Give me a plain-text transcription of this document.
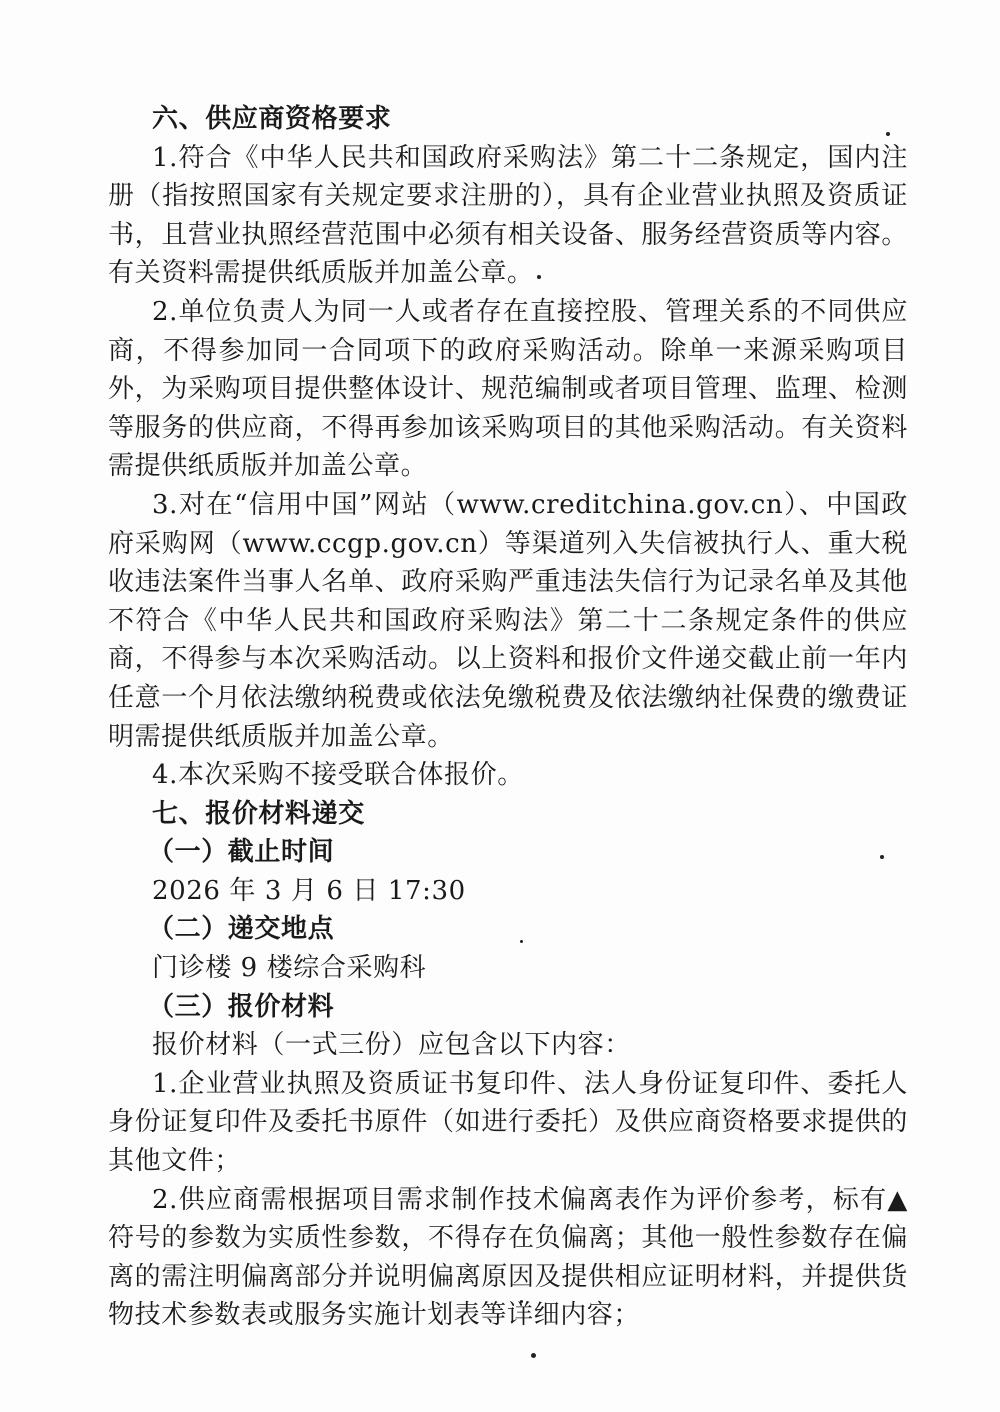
六、供应商资格要求

1.符合《中华人民共和国政府采购法》第二十二条规定，国内注册（指按照国家有关规定要求注册的），具有企业营业执照及资质证书，且营业执照经营范围中必须有相关设备、服务经营资质等内容。有关资料需提供纸质版并加盖公章。

2.单位负责人为同一人或者存在直接控股、管理关系的不同供应商，不得参加同一合同项下的政府采购活动。除单一来源采购项目外，为采购项目提供整体设计、规范编制或者项目管理、监理、检测等服务的供应商，不得再参加该采购项目的其他采购活动。有关资料需提供纸质版并加盖公章。

3.对在“信用中国”网站（www.creditchina.gov.cn）、中国政府采购网（www.ccgp.gov.cn）等渠道列入失信被执行人、重大税收违法案件当事人名单、政府采购严重违法失信行为记录名单及其他不符合《中华人民共和国政府采购法》第二十二条规定条件的供应商，不得参与本次采购活动。以上资料和报价文件递交截止前一年内任意一个月依法缴纳税费或依法免缴税费及依法缴纳社保费的缴费证明需提供纸质版并加盖公章。

4.本次采购不接受联合体报价。

七、报价材料递交

（一）截止时间

2026 年 3 月 6 日 17:30

（二）递交地点

门诊楼 9 楼综合采购科

（三）报价材料

报价材料（一式三份）应包含以下内容：

1.企业营业执照及资质证书复印件、法人身份证复印件、委托人身份证复印件及委托书原件（如进行委托）及供应商资格要求提供的其他文件；

2.供应商需根据项目需求制作技术偏离表作为评价参考，标有▲符号的参数为实质性参数，不得存在负偏离；其他一般性参数存在偏离的需注明偏离部分并说明偏离原因及提供相应证明材料，并提供货物技术参数表或服务实施计划表等详细内容；
